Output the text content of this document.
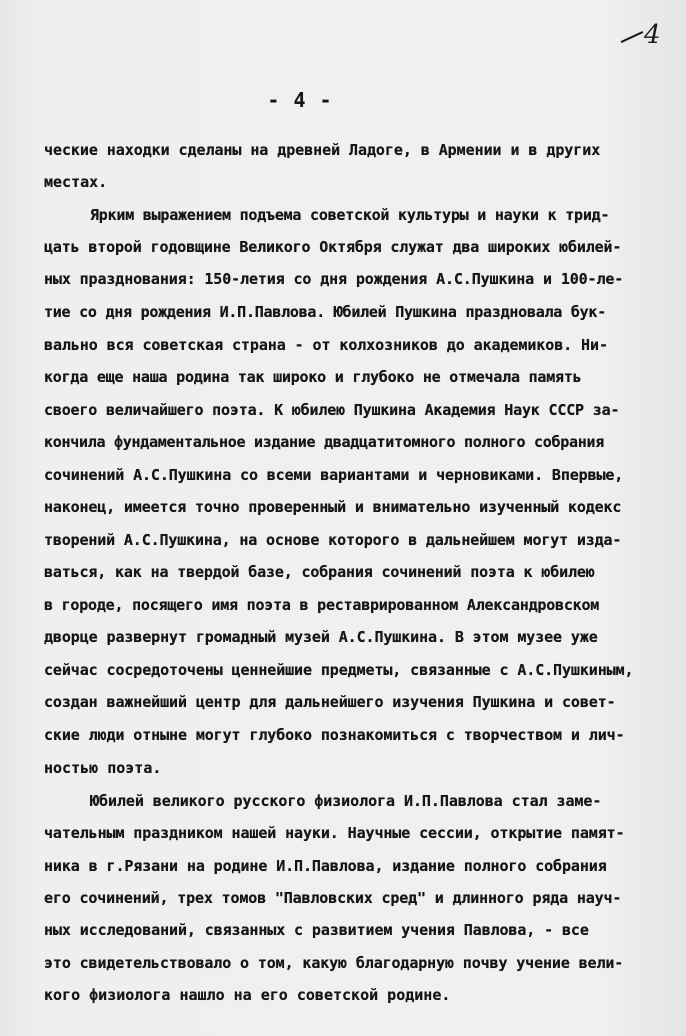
4
- 4 -
ческие находки сделаны на древней Ладоге, в Армении и в других
местах.
Ярким выражением подъема советской культуры и науки к трид-
цать второй годовщине Великого Октября служат два широких юбилей-
ных празднования: 150-летия со дня рождения А.С.Пушкина и 100-ле-
тие со дня рождения И.П.Павлова. Юбилей Пушкина праздновала бук-
вально вся советская страна - от колхозников до академиков. Ни-
когда еще наша родина так широко и глубоко не отмечала память
своего величайшего поэта. К юбилею Пушкина Академия Наук СССР за-
кончила фундаментальное издание двадцатитомного полного собрания
сочинений А.С.Пушкина со всеми вариантами и черновиками. Впервые,
наконец, имеется точно проверенный и внимательно изученный кодекс
творений А.С.Пушкина, на основе которого в дальнейшем могут изда-
ваться, как на твердой базе, собрания сочинений поэта к юбилею
в городе, посящего имя поэта в реставрированном Александровском
дворце развернут громадный музей А.С.Пушкина. В этом музее уже
сейчас сосредоточены ценнейшие предметы, связанные с А.С.Пушкиным,
создан важнейший центр для дальнейшего изучения Пушкина и совет-
ские люди отныне могут глубоко познакомиться с творчеством и лич-
ностью поэта.
Юбилей великого русского физиолога И.П.Павлова стал заме-
чательным праздником нашей науки. Научные сессии, открытие памят-
ника в г.Рязани на родине И.П.Павлова, издание полного собрания
его сочинений, трех томов "Павловских сред" и длинного ряда науч-
ных исследований, связанных с развитием учения Павлова, - все
это свидетельствовало о том, какую благодарную почву учение вели-
кого физиолога нашло на его советской родине.
